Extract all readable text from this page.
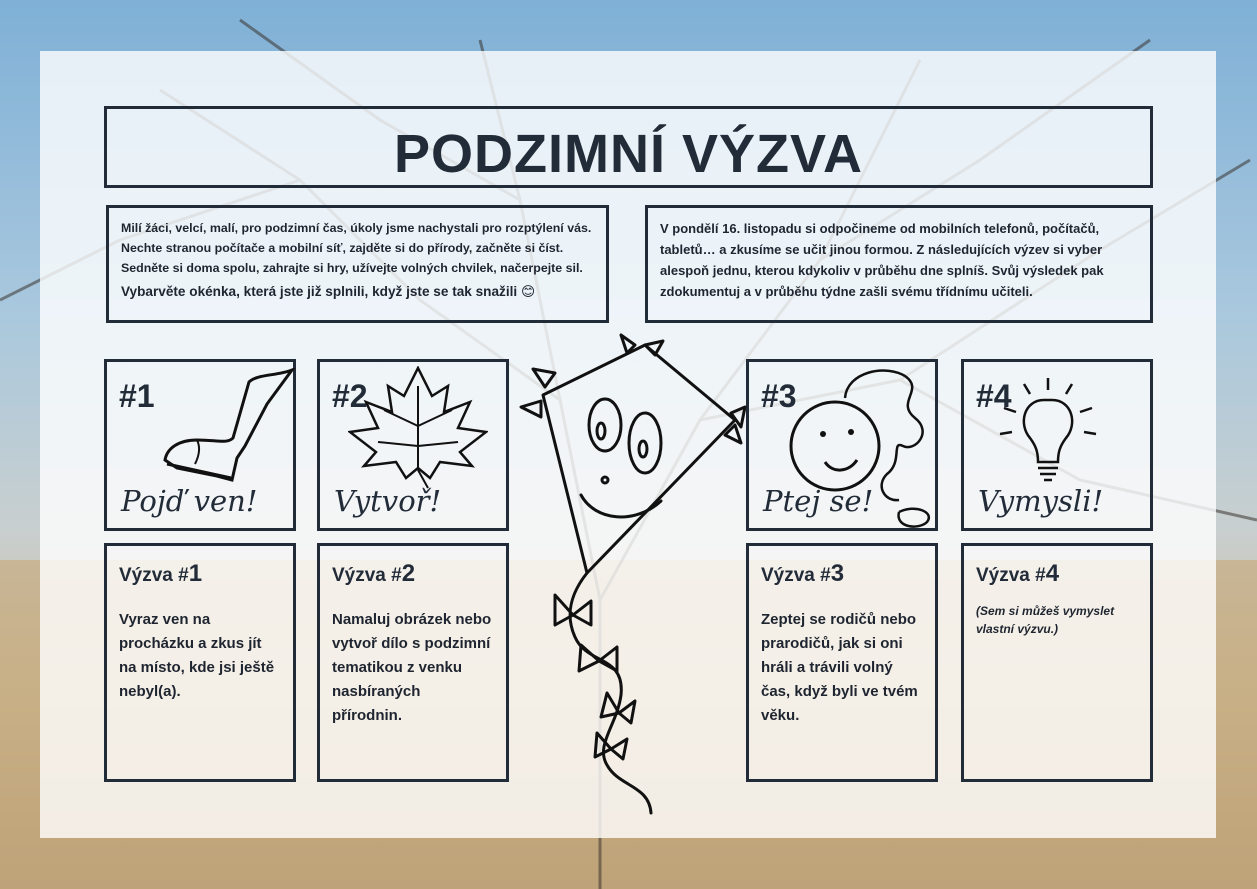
PODZIMNÍ VÝZVA
Milí žáci, velcí, malí, pro podzimní čas, úkoly jsme nachystali pro rozptýlení vás. Nechte stranou počítače a mobilní síť, zajděte si do přírody, začněte si číst. Sedněte si doma spolu, zahrajte si hry, užívejte volných chvilek, načerpejte sil.
Vybarvěte okénka, která jste již splnili, když jste se tak snažili 😊
V pondělí 16. listopadu si odpočineme od mobilních telefonů, počítačů, tabletů… a zkusíme se učit jinou formou. Z následujících výzev si vyber alespoň jednu, kterou kdykoliv v průběhu dne splníš. Svůj výsledek pak zdokumentuj a v průběhu týdne zašli svému třídnímu učiteli.
#1
Pojď ven!
#2
Vytvoř!
#3
Ptej se!
#4
Vymysli!
Výzva #1
Vyraz ven na procházku a zkus jít na místo, kde jsi ještě nebyl(a).
Výzva #2
Namaluj obrázek nebo vytvoř dílo s podzimní tematikou z venku nasbíraných přírodnin.
Výzva #3
Zeptej se rodičů nebo prarodičů, jak si oni hráli a trávili volný čas, když byli ve tvém věku.
Výzva #4
(Sem si můžeš vymyslet vlastní výzvu.)
